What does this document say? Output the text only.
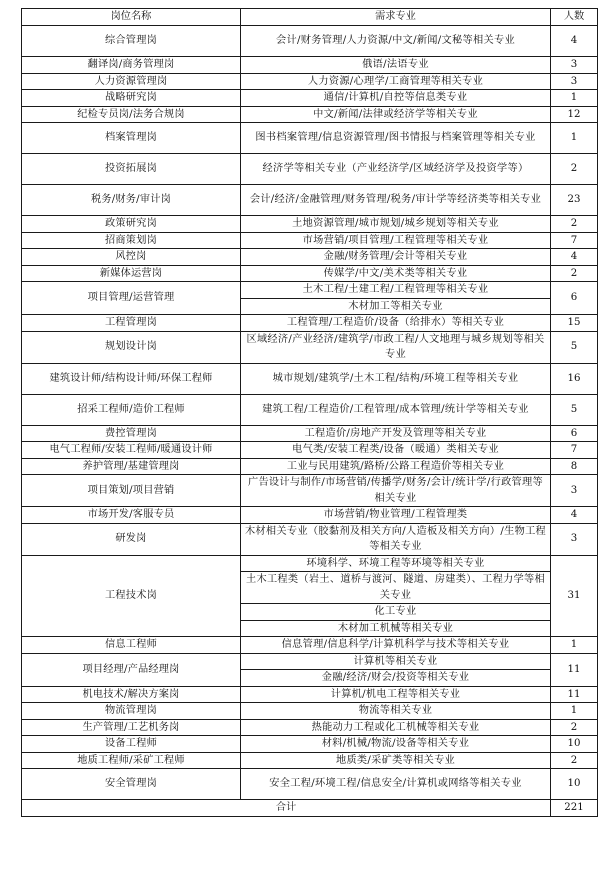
岗位名称	需求专业	人数
综合管理岗	会计/财务管理/人力资源/中文/新闻/文秘等相关专业	4
翻译岗/商务管理岗	俄语/法语专业	3
人力资源管理岗	人力资源/心理学/工商管理等相关专业	3
战略研究岗	通信/计算机/自控等信息类专业	1
纪检专员岗/法务合规岗	中文/新闻/法律或经济学等相关专业	12
档案管理岗	图书档案管理/信息资源管理/图书情报与档案管理等相关专业	1
投资拓展岗	经济学等相关专业（产业经济学/区域经济学及投资学等）	2
税务/财务/审计岗	会计/经济/金融管理/财务管理/税务/审计学等经济类等相关专业	23
政策研究岗	土地资源管理/城市规划/城乡规划等相关专业	2
招商策划岗	市场营销/项目管理/工程管理等相关专业	7
风控岗	金融/财务管理/会计等相关专业	4
新媒体运营岗	传媒学/中文/美术类等相关专业	2
项目管理/运营管理	土木工程/土建工程/工程管理等相关专业	6
	木材加工等相关专业	
工程管理岗	工程管理/工程造价/设备（给排水）等相关专业	15
规划设计岗	区域经济/产业经济/建筑学/市政工程/人文地理与城乡规划等相关专业	5
建筑设计师/结构设计师/环保工程师	城市规划/建筑学/土木工程/结构/环境工程等相关专业	16
招采工程师/造价工程师	建筑工程/工程造价/工程管理/成本管理/统计学等相关专业	5
费控管理岗	工程造价/房地产开发及管理等相关专业	6
电气工程师/安装工程师/暖通设计师	电气类/安装工程类/设备（暖通）类相关专业	7
养护管理/基建管理岗	工业与民用建筑/路桥/公路工程造价等相关专业	8
项目策划/项目营销	广告设计与制作/市场营销/传播学/财务/会计/统计学/行政管理等相关专业	3
市场开发/客服专员	市场营销/物业管理/工程管理类	4
研发岗	木材相关专业（胶黏剂及相关方向/人造板及相关方向）/生物工程等相关专业	3
工程技术岗	环境科学、环境工程等环境等相关专业	31
	土木工程类（岩土、道桥与渡河、隧道、房建类）、工程力学等相关专业	
	化工专业	
	木材加工机械等相关专业	
信息工程师	信息管理/信息科学/计算机科学与技术等相关专业	1
项目经理/产品经理岗	计算机等相关专业	11
	金融/经济/财会/投资等相关专业	
机电技术/解决方案岗	计算机/机电工程等相关专业	11
物流管理岗	物流等相关专业	1
生产管理/工艺机务岗	热能动力工程或化工机械等相关专业	2
设备工程师	材料/机械/物流/设备等相关专业	10
地质工程师/采矿工程师	地质类/采矿类等相关专业	2
安全管理岗	安全工程/环境工程/信息安全/计算机或网络等相关专业	10
合计		221
